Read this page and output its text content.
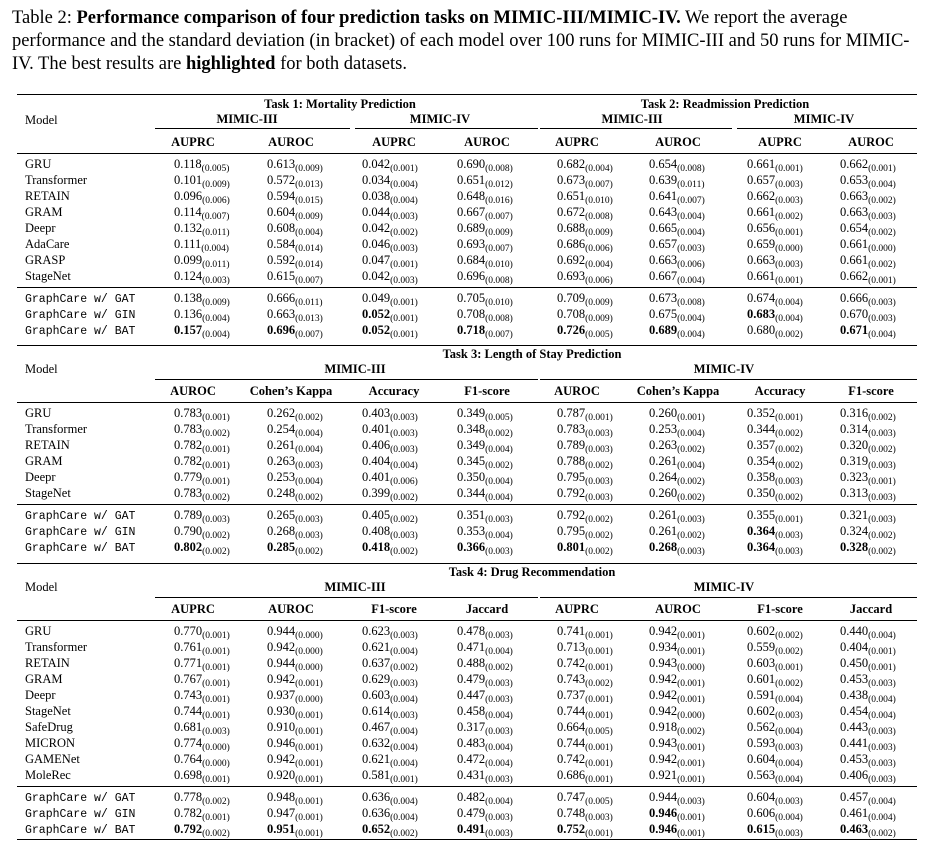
Table 2: Performance comparison of four prediction tasks on MIMIC-III/MIMIC-IV. We report the average performance and the standard deviation (in bracket) of each model over 100 runs for MIMIC-III and 50 runs for MIMIC-IV. The best results are highlighted for both datasets.
Task 1: Mortality Prediction	Task 2: Readmission Prediction
Model	MIMIC-III	MIMIC-IV	MIMIC-III	MIMIC-IV
AUPRC	AUROC	AUPRC	AUROC	AUPRC	AUROC	AUPRC	AUROC
GRU	$0.118_{(0.005)}$	$0.613_{(0.009)}$	$0.042_{(0.001)}$	$0.690_{(0.008)}$	$0.682_{(0.004)}$	$0.654_{(0.008)}$	$0.661_{(0.001)}$	$0.662_{(0.001)}$
Transformer	$0.101_{(0.009)}$	$0.572_{(0.013)}$	$0.034_{(0.004)}$	$0.651_{(0.012)}$	$0.673_{(0.007)}$	$0.639_{(0.011)}$	$0.657_{(0.003)}$	$0.653_{(0.004)}$
RETAIN	$0.096_{(0.006)}$	$0.594_{(0.015)}$	$0.038_{(0.004)}$	$0.648_{(0.016)}$	$0.651_{(0.010)}$	$0.641_{(0.007)}$	$0.662_{(0.003)}$	$0.663_{(0.002)}$
GRAM	$0.114_{(0.007)}$	$0.604_{(0.009)}$	$0.044_{(0.003)}$	$0.667_{(0.007)}$	$0.672_{(0.008)}$	$0.643_{(0.004)}$	$0.661_{(0.002)}$	$0.663_{(0.003)}$
Deepr	$0.132_{(0.011)}$	$0.608_{(0.004)}$	$0.042_{(0.002)}$	$0.689_{(0.009)}$	$0.688_{(0.009)}$	$0.665_{(0.004)}$	$0.656_{(0.001)}$	$0.654_{(0.002)}$
AdaCare	$0.111_{(0.004)}$	$0.584_{(0.014)}$	$0.046_{(0.003)}$	$0.693_{(0.007)}$	$0.686_{(0.006)}$	$0.657_{(0.003)}$	$0.659_{(0.000)}$	$0.661_{(0.000)}$
GRASP	$0.099_{(0.011)}$	$0.592_{(0.014)}$	$0.047_{(0.001)}$	$0.684_{(0.010)}$	$0.692_{(0.004)}$	$0.663_{(0.006)}$	$0.663_{(0.003)}$	$0.661_{(0.002)}$
StageNet	$0.124_{(0.003)}$	$0.615_{(0.007)}$	$0.042_{(0.003)}$	$0.696_{(0.008)}$	$0.693_{(0.006)}$	$0.667_{(0.004)}$	$0.661_{(0.001)}$	$0.662_{(0.001)}$
GraphCare w/ GAT	$0.138_{(0.009)}$	$0.666_{(0.011)}$	$0.049_{(0.001)}$	$0.705_{(0.010)}$	$0.709_{(0.009)}$	$0.673_{(0.008)}$	$0.674_{(0.004)}$	$0.666_{(0.003)}$
GraphCare w/ GIN	$0.136_{(0.004)}$	$0.663_{(0.013)}$	$0.052_{(0.001)}$	$0.708_{(0.008)}$	$0.708_{(0.009)}$	$0.675_{(0.004)}$	$0.683_{(0.004)}$	$0.670_{(0.003)}$
GraphCare w/ BAT	$0.157_{(0.004)}$	$0.696_{(0.007)}$	$0.052_{(0.001)}$	$0.718_{(0.007)}$	$0.726_{(0.005)}$	$0.689_{(0.004)}$	$0.680_{(0.002)}$	$0.671_{(0.004)}$
Task 3: Length of Stay Prediction
Model	MIMIC-III	MIMIC-IV
AUROC	Cohen’s Kappa	Accuracy	F1-score	AUROC	Cohen’s Kappa	Accuracy	F1-score
GRU	$0.783_{(0.001)}$	$0.262_{(0.002)}$	$0.403_{(0.003)}$	$0.349_{(0.005)}$	$0.787_{(0.001)}$	$0.260_{(0.001)}$	$0.352_{(0.001)}$	$0.316_{(0.002)}$
Transformer	$0.783_{(0.002)}$	$0.254_{(0.004)}$	$0.401_{(0.003)}$	$0.348_{(0.002)}$	$0.783_{(0.003)}$	$0.253_{(0.004)}$	$0.344_{(0.002)}$	$0.314_{(0.003)}$
RETAIN	$0.782_{(0.001)}$	$0.261_{(0.004)}$	$0.406_{(0.003)}$	$0.349_{(0.004)}$	$0.789_{(0.003)}$	$0.263_{(0.002)}$	$0.357_{(0.002)}$	$0.320_{(0.002)}$
GRAM	$0.782_{(0.001)}$	$0.263_{(0.003)}$	$0.404_{(0.004)}$	$0.345_{(0.002)}$	$0.788_{(0.002)}$	$0.261_{(0.004)}$	$0.354_{(0.002)}$	$0.319_{(0.003)}$
Deepr	$0.779_{(0.001)}$	$0.253_{(0.004)}$	$0.401_{(0.006)}$	$0.350_{(0.004)}$	$0.795_{(0.003)}$	$0.264_{(0.002)}$	$0.358_{(0.003)}$	$0.323_{(0.001)}$
StageNet	$0.783_{(0.002)}$	$0.248_{(0.002)}$	$0.399_{(0.002)}$	$0.344_{(0.004)}$	$0.792_{(0.003)}$	$0.260_{(0.002)}$	$0.350_{(0.002)}$	$0.313_{(0.003)}$
GraphCare w/ GAT	$0.789_{(0.003)}$	$0.265_{(0.003)}$	$0.405_{(0.002)}$	$0.351_{(0.003)}$	$0.792_{(0.002)}$	$0.261_{(0.003)}$	$0.355_{(0.001)}$	$0.321_{(0.003)}$
GraphCare w/ GIN	$0.790_{(0.002)}$	$0.268_{(0.003)}$	$0.408_{(0.003)}$	$0.353_{(0.004)}$	$0.795_{(0.002)}$	$0.261_{(0.002)}$	$0.364_{(0.003)}$	$0.324_{(0.002)}$
GraphCare w/ BAT	$0.802_{(0.002)}$	$0.285_{(0.002)}$	$0.418_{(0.002)}$	$0.366_{(0.003)}$	$0.801_{(0.002)}$	$0.268_{(0.003)}$	$0.364_{(0.003)}$	$0.328_{(0.002)}$
Task 4: Drug Recommendation
Model	MIMIC-III	MIMIC-IV
AUPRC	AUROC	F1-score	Jaccard	AUPRC	AUROC	F1-score	Jaccard
GRU	$0.770_{(0.001)}$	$0.944_{(0.000)}$	$0.623_{(0.003)}$	$0.478_{(0.003)}$	$0.741_{(0.001)}$	$0.942_{(0.001)}$	$0.602_{(0.002)}$	$0.440_{(0.004)}$
Transformer	$0.761_{(0.001)}$	$0.942_{(0.000)}$	$0.621_{(0.004)}$	$0.471_{(0.004)}$	$0.713_{(0.001)}$	$0.934_{(0.001)}$	$0.559_{(0.002)}$	$0.404_{(0.001)}$
RETAIN	$0.771_{(0.001)}$	$0.944_{(0.000)}$	$0.637_{(0.002)}$	$0.488_{(0.002)}$	$0.742_{(0.001)}$	$0.943_{(0.000)}$	$0.603_{(0.001)}$	$0.450_{(0.001)}$
GRAM	$0.767_{(0.001)}$	$0.942_{(0.001)}$	$0.629_{(0.003)}$	$0.479_{(0.003)}$	$0.743_{(0.002)}$	$0.942_{(0.001)}$	$0.601_{(0.002)}$	$0.453_{(0.003)}$
Deepr	$0.743_{(0.001)}$	$0.937_{(0.000)}$	$0.603_{(0.004)}$	$0.447_{(0.003)}$	$0.737_{(0.001)}$	$0.942_{(0.001)}$	$0.591_{(0.004)}$	$0.438_{(0.004)}$
StageNet	$0.744_{(0.001)}$	$0.930_{(0.001)}$	$0.614_{(0.003)}$	$0.458_{(0.004)}$	$0.744_{(0.001)}$	$0.942_{(0.000)}$	$0.602_{(0.003)}$	$0.454_{(0.004)}$
SafeDrug	$0.681_{(0.003)}$	$0.910_{(0.001)}$	$0.467_{(0.004)}$	$0.317_{(0.003)}$	$0.664_{(0.005)}$	$0.918_{(0.002)}$	$0.562_{(0.004)}$	$0.443_{(0.003)}$
MICRON	$0.774_{(0.000)}$	$0.946_{(0.001)}$	$0.632_{(0.004)}$	$0.483_{(0.004)}$	$0.744_{(0.001)}$	$0.943_{(0.001)}$	$0.593_{(0.003)}$	$0.441_{(0.003)}$
GAMENet	$0.764_{(0.000)}$	$0.942_{(0.001)}$	$0.621_{(0.004)}$	$0.472_{(0.004)}$	$0.742_{(0.001)}$	$0.942_{(0.001)}$	$0.604_{(0.004)}$	$0.453_{(0.003)}$
MoleRec	$0.698_{(0.001)}$	$0.920_{(0.001)}$	$0.581_{(0.001)}$	$0.431_{(0.003)}$	$0.686_{(0.001)}$	$0.921_{(0.001)}$	$0.563_{(0.004)}$	$0.406_{(0.003)}$
GraphCare w/ GAT	$0.778_{(0.002)}$	$0.948_{(0.001)}$	$0.636_{(0.004)}$	$0.482_{(0.004)}$	$0.747_{(0.005)}$	$0.944_{(0.003)}$	$0.604_{(0.003)}$	$0.457_{(0.004)}$
GraphCare w/ GIN	$0.782_{(0.001)}$	$0.947_{(0.001)}$	$0.636_{(0.004)}$	$0.479_{(0.003)}$	$0.748_{(0.003)}$	$0.946_{(0.001)}$	$0.606_{(0.004)}$	$0.461_{(0.004)}$
GraphCare w/ BAT	$0.792_{(0.002)}$	$0.951_{(0.001)}$	$0.652_{(0.002)}$	$0.491_{(0.003)}$	$0.752_{(0.001)}$	$0.946_{(0.001)}$	$0.615_{(0.003)}$	$0.463_{(0.002)}$
